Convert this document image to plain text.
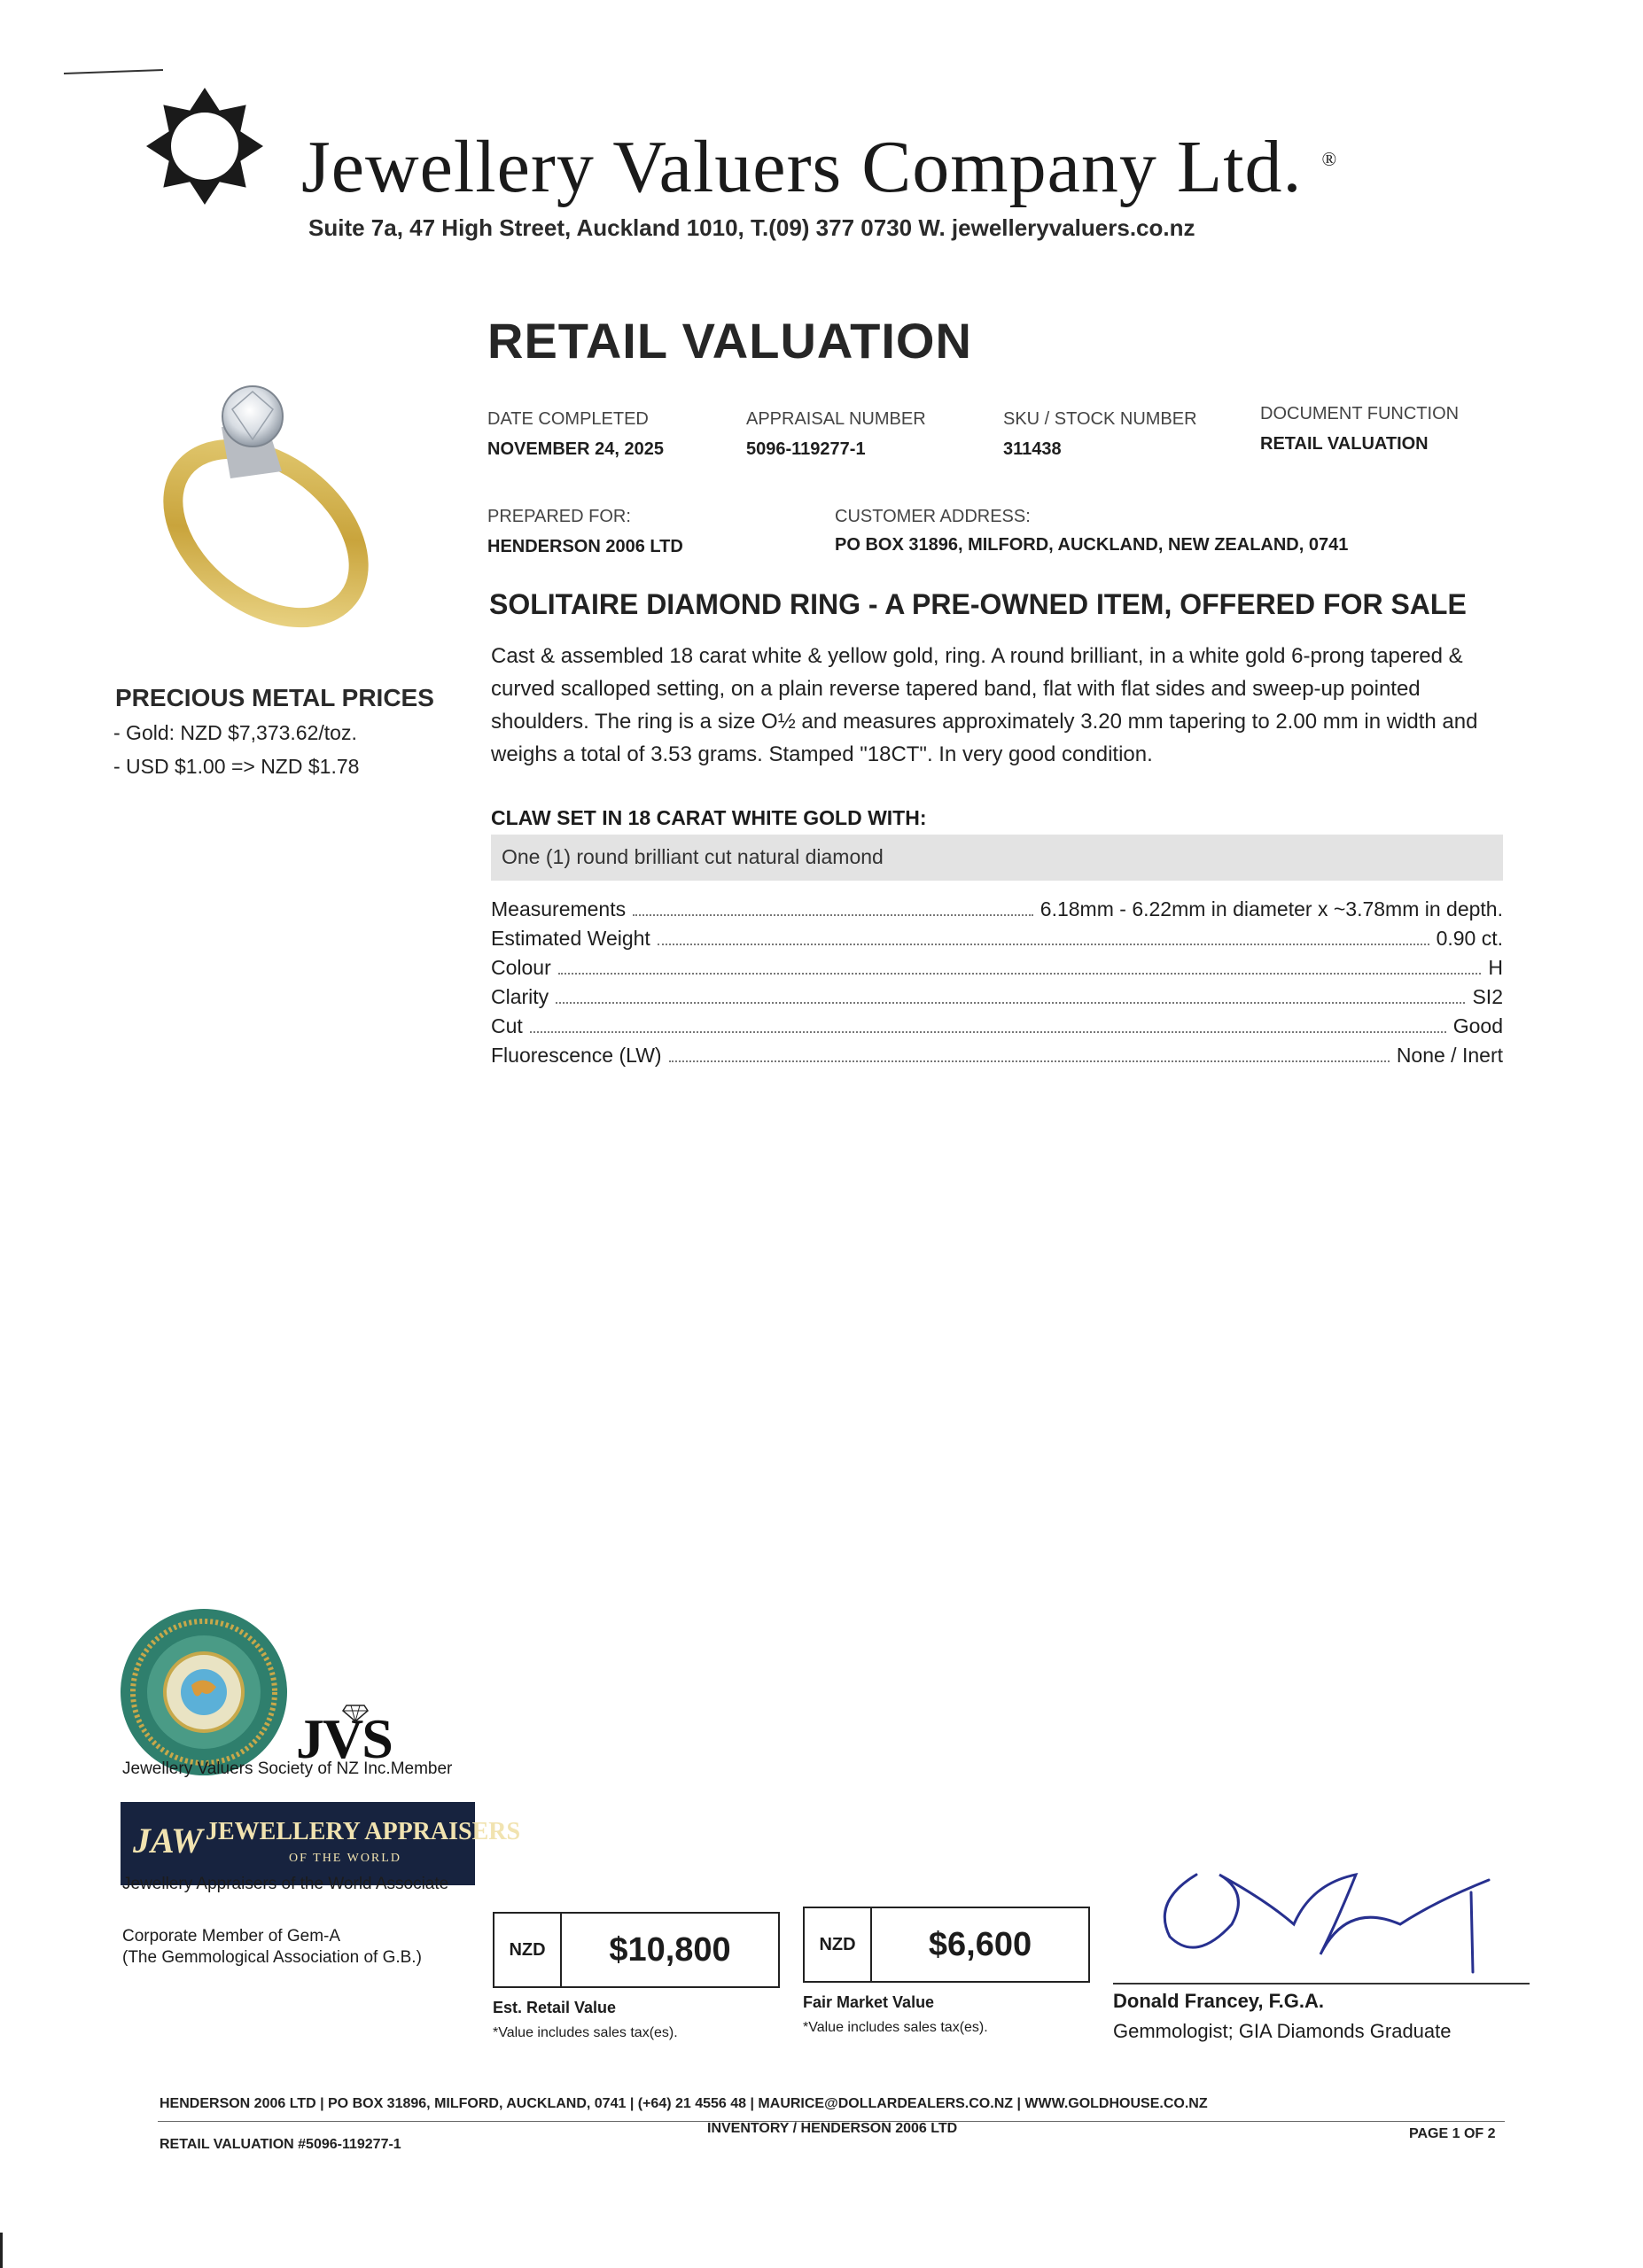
Jewellery Valuers Company Ltd. ®
Suite 7a, 47 High Street, Auckland 1010, T.(09) 377 0730 W. jewelleryvaluers.co.nz
RETAIL VALUATION
DATE COMPLETED
NOVEMBER 24, 2025
APPRAISAL NUMBER
5096-119277-1
SKU / STOCK NUMBER
311438
DOCUMENT FUNCTION
RETAIL VALUATION
PREPARED FOR:
HENDERSON 2006 LTD
CUSTOMER ADDRESS:
PO BOX 31896, MILFORD, AUCKLAND, NEW ZEALAND, 0741
PRECIOUS METAL PRICES
- Gold: NZD $7,373.62/toz.
- USD $1.00 => NZD $1.78
SOLITAIRE DIAMOND RING - A PRE-OWNED ITEM, OFFERED FOR SALE
Cast & assembled 18 carat white & yellow gold, ring. A round brilliant, in a white gold 6-prong tapered & curved scalloped setting, on a plain reverse tapered band, flat with flat sides and sweep-up pointed shoulders. The ring is a size O½ and measures approximately 3.20 mm tapering to 2.00 mm in width and weighs a total of 3.53 grams. Stamped "18CT". In very good condition.
CLAW SET IN 18 CARAT WHITE GOLD WITH:
One (1) round brilliant cut natural diamond
Measurements	6.18mm - 6.22mm in diameter x ~3.78mm in depth.
Estimated Weight	0.90 ct.
Colour	H
Clarity	SI2
Cut	Good
Fluorescence (LW)	None / Inert
JVS
Jewellery Valuers Society of NZ Inc.Member
JAW JEWELLERY APPRAISERS
OF THE WORLD
Jewellery Appraisers of the World Associate
Corporate Member of Gem-A
(The Gemmological Association of G.B.)	NZD	$10,800
Est. Retail Value
*Value includes sales tax(es).
NZD	$6,600
Fair Market Value
*Value includes sales tax(es).
Donald Francey, F.G.A.
Gemmologist; GIA Diamonds Graduate
HENDERSON 2006 LTD | PO BOX 31896, MILFORD, AUCKLAND, 0741 | (+64) 21 4556 48 | MAURICE@DOLLARDEALERS.CO.NZ | WWW.GOLDHOUSE.CO.NZ
RETAIL VALUATION #5096-119277-1
INVENTORY / HENDERSON 2006 LTD	PAGE 1 OF 2
